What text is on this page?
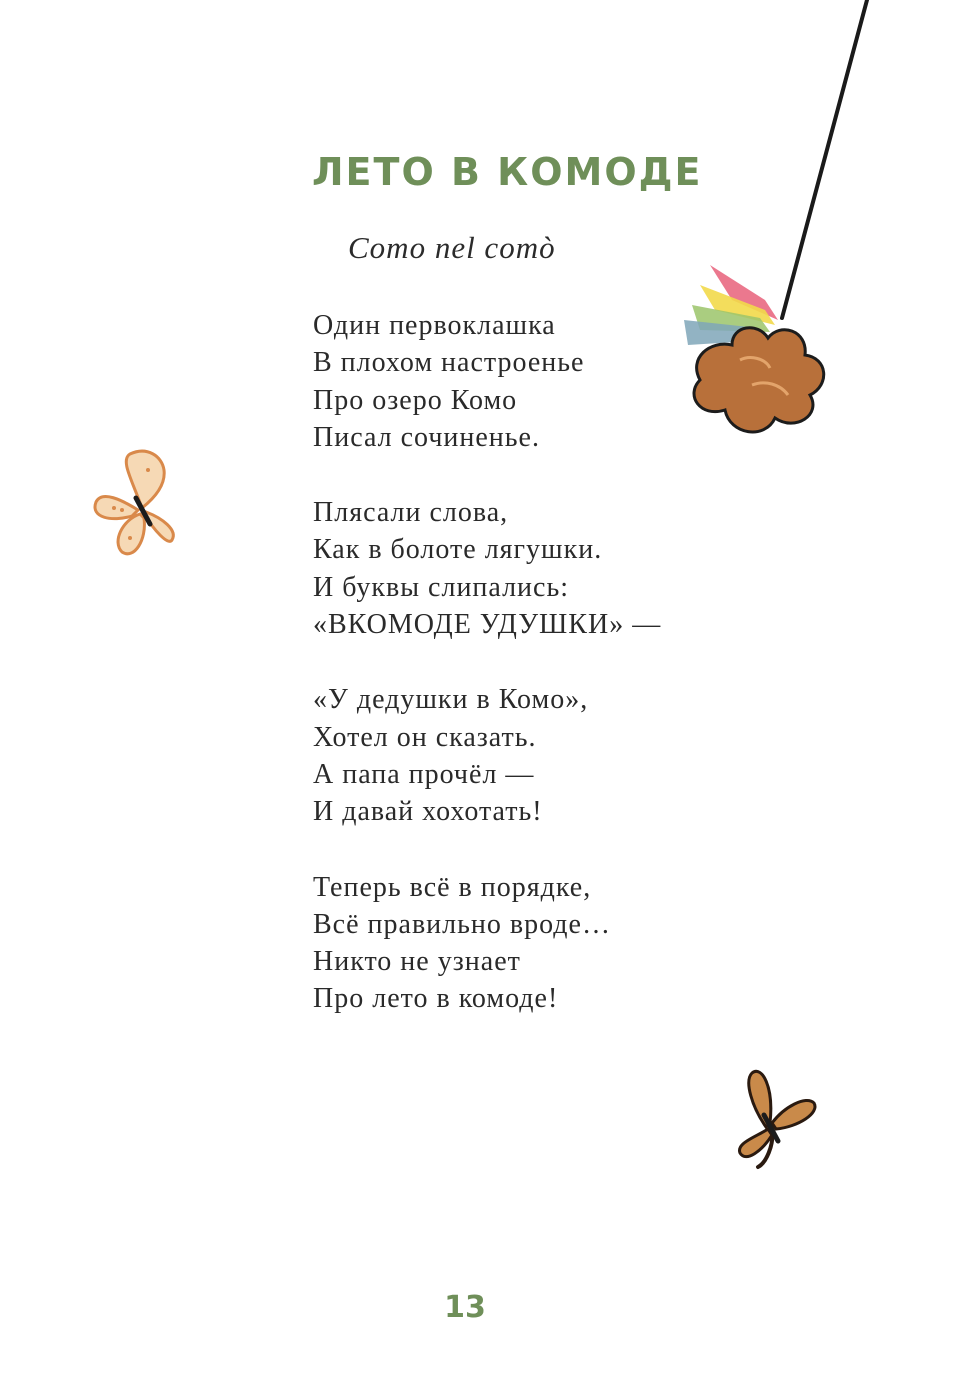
ЛЕТО В КОМОДЕ
Como nel comò
Один первоклашка
В плохом настроенье
Про озеро Комо
Писал сочиненье.
Плясали слова,
Как в болоте лягушки.
И буквы слипались:
«ВКОМОДЕ УДУШКИ» —
«У дедушки в Комо»,
Хотел он сказать.
А папа прочёл —
И давай хохотать!
Теперь всё в порядке,
Всё правильно вроде…
Никто не узнает
Про лето в комоде!
13
